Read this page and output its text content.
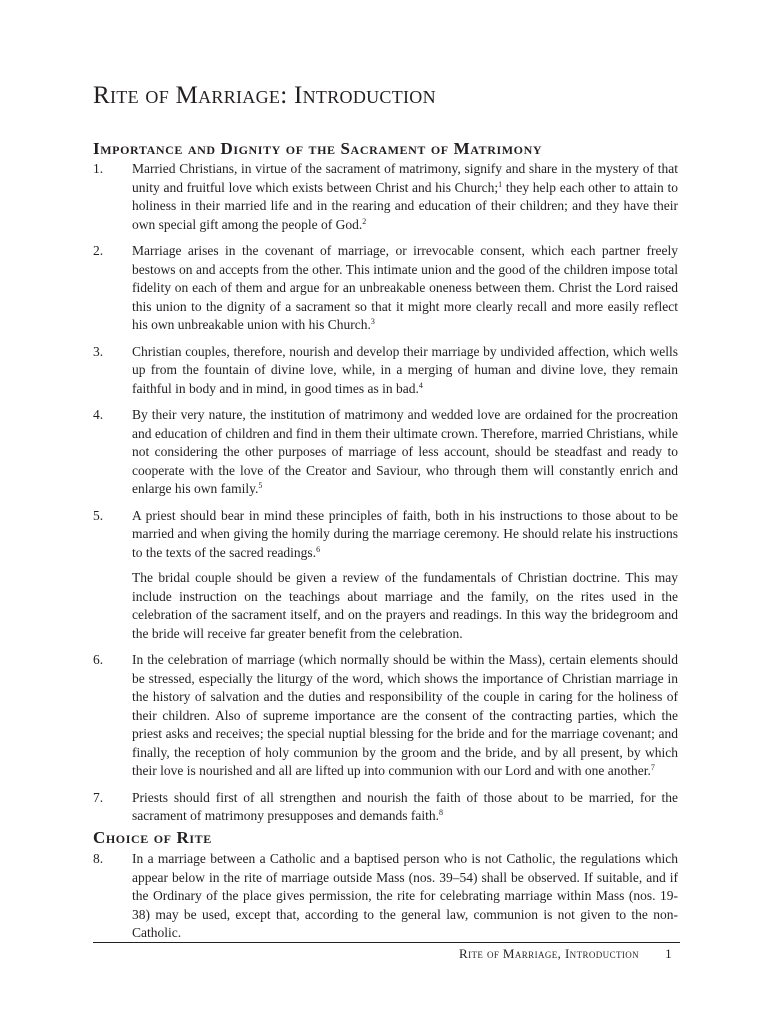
Rite of Marriage: Introduction
Importance and Dignity of the Sacrament of Matrimony
1. Married Christians, in virtue of the sacrament of matrimony, signify and share in the mystery of that unity and fruitful love which exists between Christ and his Church;$^1$ they help each other to attain to holiness in their married life and in the rearing and education of their children; and they have their own special gift among the people of God.$^2$

2. Marriage arises in the covenant of marriage, or irrevocable consent, which each partner freely bestows on and accepts from the other. This intimate union and the good of the children impose total fidelity on each of them and argue for an unbreakable oneness between them. Christ the Lord raised this union to the dignity of a sacrament so that it might more clearly recall and more easily reflect his own unbreakable union with his Church.$^3$

3. Christian couples, therefore, nourish and develop their marriage by undivided affection, which wells up from the fountain of divine love, while, in a merging of human and divine love, they remain faithful in body and in mind, in good times as in bad.$^4$

4. By their very nature, the institution of matrimony and wedded love are ordained for the procreation and education of children and find in them their ultimate crown. Therefore, married Christians, while not considering the other purposes of marriage of less account, should be steadfast and ready to cooperate with the love of the Creator and Saviour, who through them will constantly enrich and enlarge his own family.$^5$

5. A priest should bear in mind these principles of faith, both in his instructions to those about to be married and when giving the homily during the marriage ceremony. He should relate his instructions to the texts of the sacred readings.$^6$

The bridal couple should be given a review of the fundamentals of Christian doctrine. This may include instruction on the teachings about marriage and the family, on the rites used in the celebration of the sacrament itself, and on the prayers and readings. In this way the bridegroom and the bride will receive far greater benefit from the celebration.

6. In the celebration of marriage (which normally should be within the Mass), certain elements should be stressed, especially the liturgy of the word, which shows the importance of Christian marriage in the history of salvation and the duties and responsibility of the couple in caring for the holiness of their children. Also of supreme importance are the consent of the contracting parties, which the priest asks and receives; the special nuptial blessing for the bride and for the marriage covenant; and finally, the reception of holy communion by the groom and the bride, and by all present, by which their love is nourished and all are lifted up into communion with our Lord and with one another.$^7$

7. Priests should first of all strengthen and nourish the faith of those about to be married, for the sacrament of matrimony presupposes and demands faith.$^8$

Choice of Rite
8. In a marriage between a Catholic and a baptised person who is not Catholic, the regulations which appear below in the rite of marriage outside Mass (nos. 39–54) shall be observed. If suitable, and if the Ordinary of the place gives permission, the rite for celebrating marriage within Mass (nos. 19-38) may be used, except that, according to the general law, communion is not given to the non-Catholic.

Rite of Marriage, Introduction 1
